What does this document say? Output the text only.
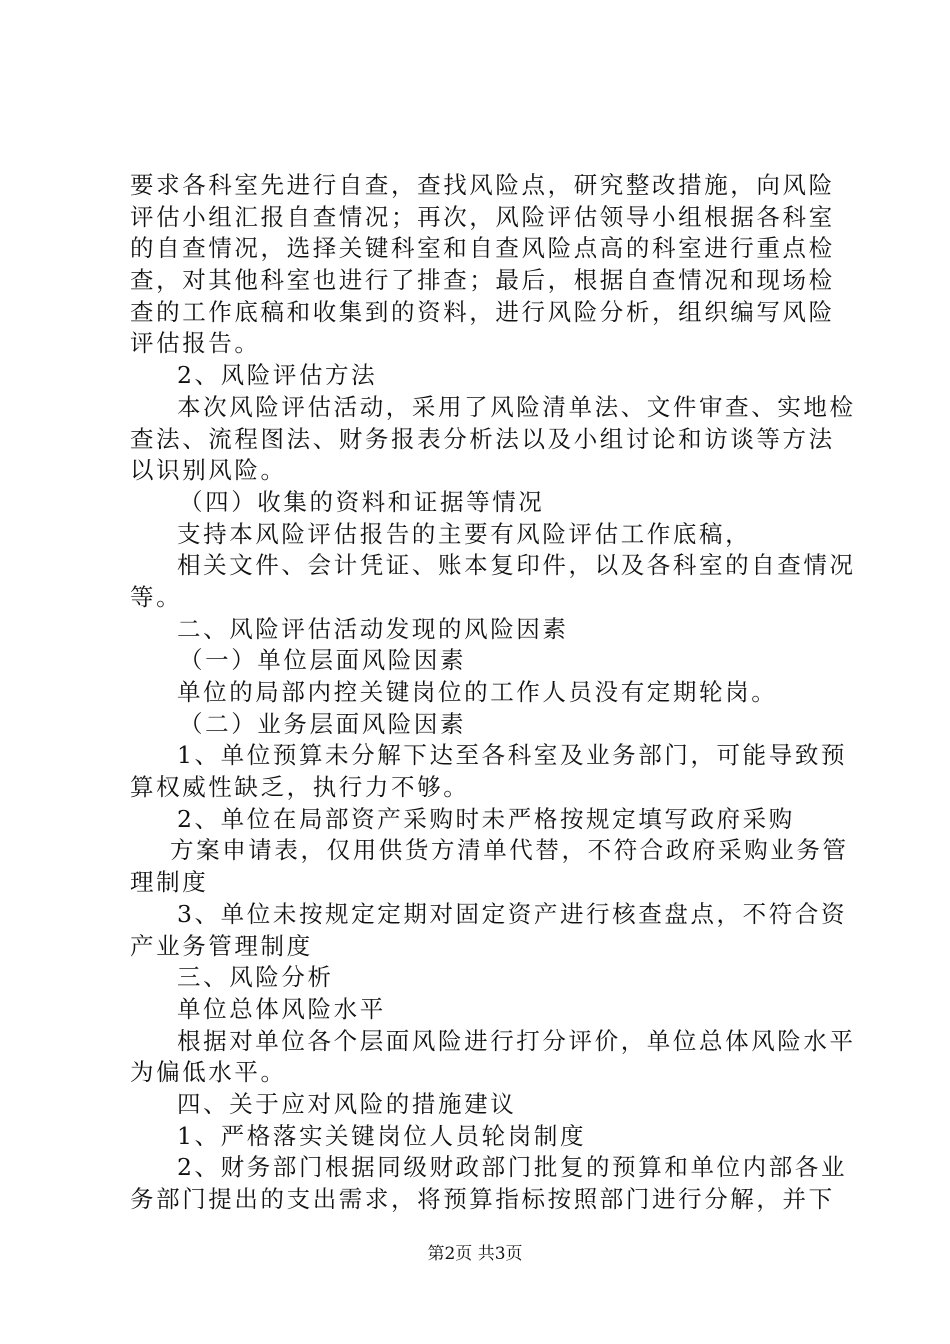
要求各科室先进行自查，查找风险点，研究整改措施，向风险
评估小组汇报自查情况；再次，风险评估领导小组根据各科室
的自查情况，选择关键科室和自查风险点高的科室进行重点检
查，对其他科室也进行了排查；最后，根据自查情况和现场检
查的工作底稿和收集到的资料，进行风险分析，组织编写风险
评估报告。
2、风险评估方法
本次风险评估活动，采用了风险清单法、文件审查、实地检
查法、流程图法、财务报表分析法以及小组讨论和访谈等方法
以识别风险。
（四）收集的资料和证据等情况
支持本风险评估报告的主要有风险评估工作底稿，
相关文件、会计凭证、账本复印件，以及各科室的自查情况
等。
二、风险评估活动发现的风险因素
（一）单位层面风险因素
单位的局部内控关键岗位的工作人员没有定期轮岗。
（二）业务层面风险因素
1、单位预算未分解下达至各科室及业务部门，可能导致预
算权威性缺乏，执行力不够。
2、单位在局部资产采购时未严格按规定填写政府采购
方案申请表，仅用供货方清单代替，不符合政府采购业务管
理制度
3、单位未按规定定期对固定资产进行核查盘点，不符合资
产业务管理制度
三、风险分析
单位总体风险水平
根据对单位各个层面风险进行打分评价，单位总体风险水平
为偏低水平。
四、关于应对风险的措施建议
1、严格落实关键岗位人员轮岗制度
2、财务部门根据同级财政部门批复的预算和单位内部各业
务部门提出的支出需求，将预算指标按照部门进行分解，并下
第2页 共3页
